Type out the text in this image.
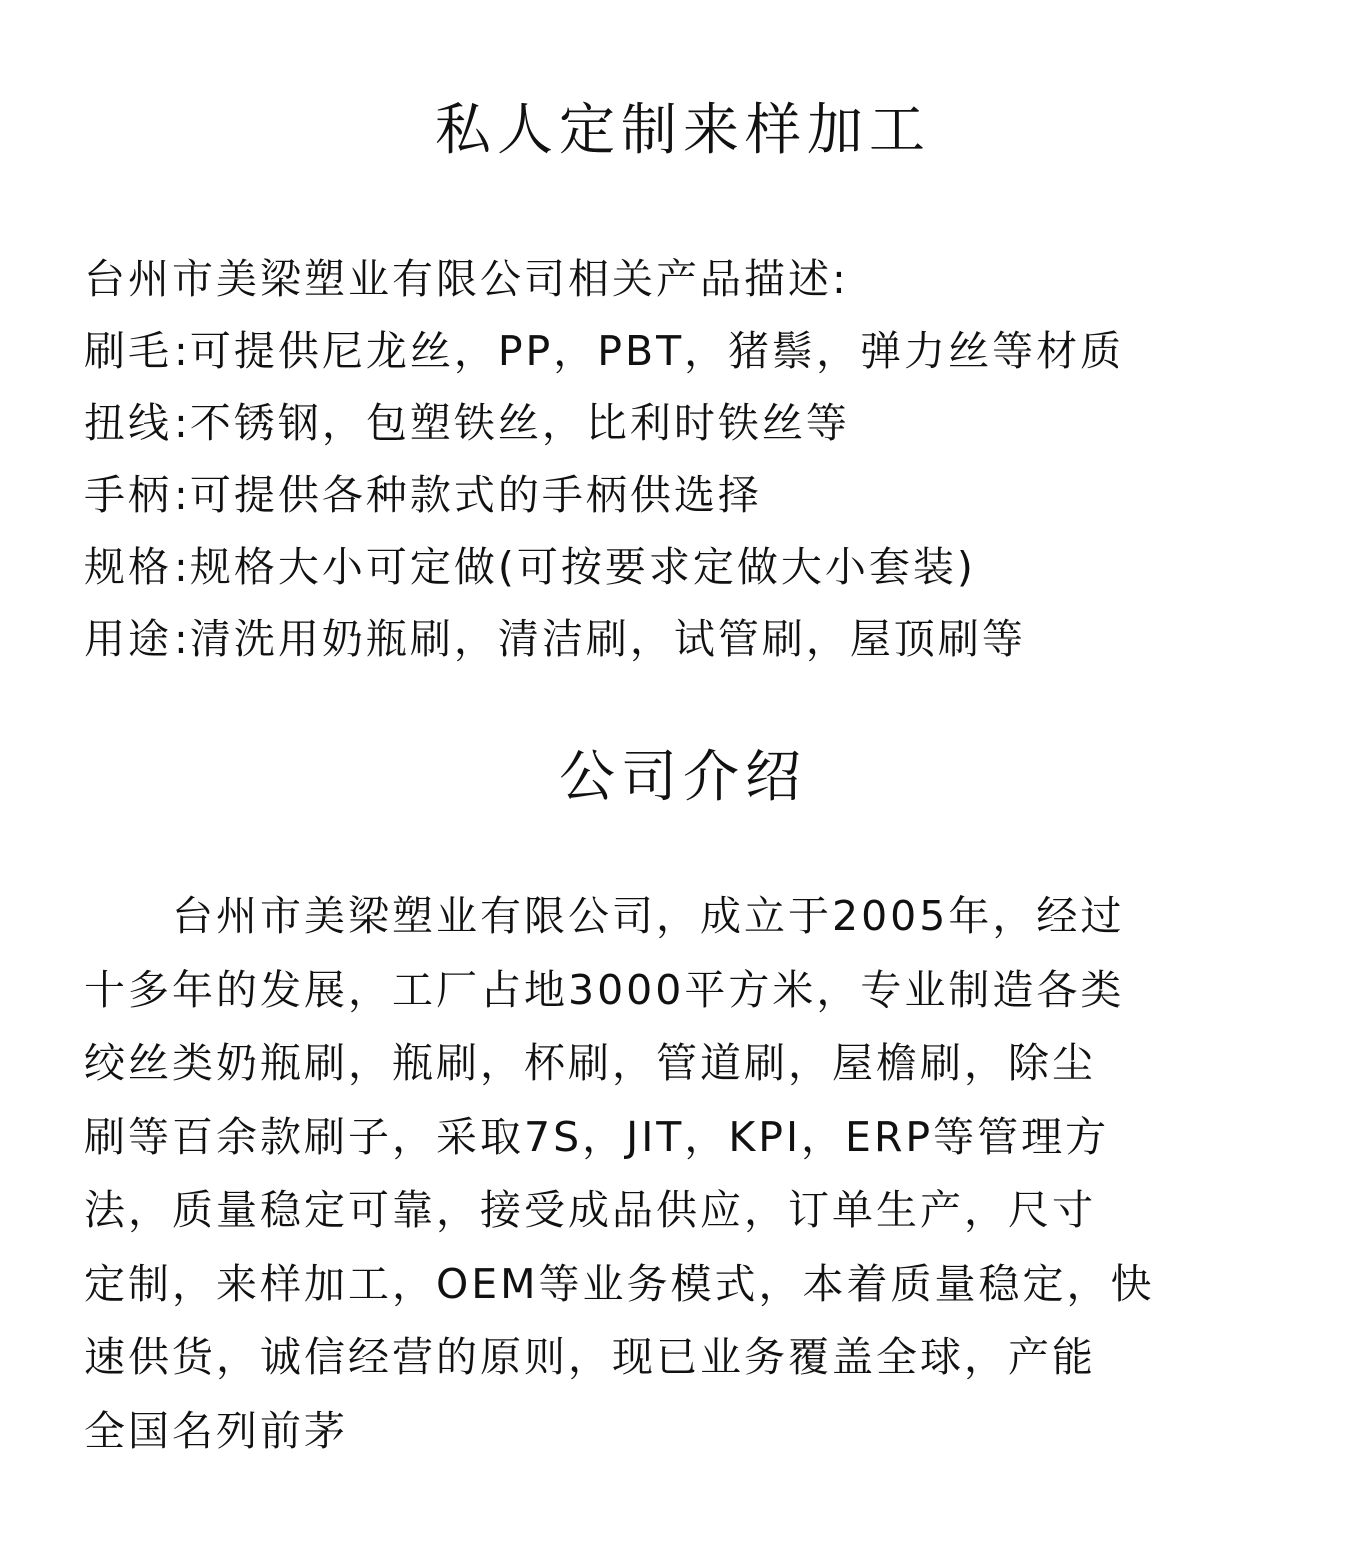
私人定制来样加工

台州市美梁塑业有限公司相关产品描述:

刷毛:可提供尼龙丝，PP，PBT，猪鬃，弹力丝等材质

扭线:不锈钢，包塑铁丝，比利时铁丝等

手柄:可提供各种款式的手柄供选择

规格:规格大小可定做(可按要求定做大小套装)

用途:清洗用奶瓶刷，清洁刷，试管刷，屋顶刷等

公司介绍
台州市美梁塑业有限公司，成立于2005年，经过
十多年的发展，工厂占地3000平方米，专业制造各类
绞丝类奶瓶刷，瓶刷，杯刷，管道刷，屋檐刷，除尘
刷等百余款刷子，采取7S，JIT，KPI，ERP等管理方
法，质量稳定可靠，接受成品供应，订单生产，尺寸
定制，来样加工，OEM等业务模式，本着质量稳定，快
速供货，诚信经营的原则，现已业务覆盖全球，产能
全国名列前茅
